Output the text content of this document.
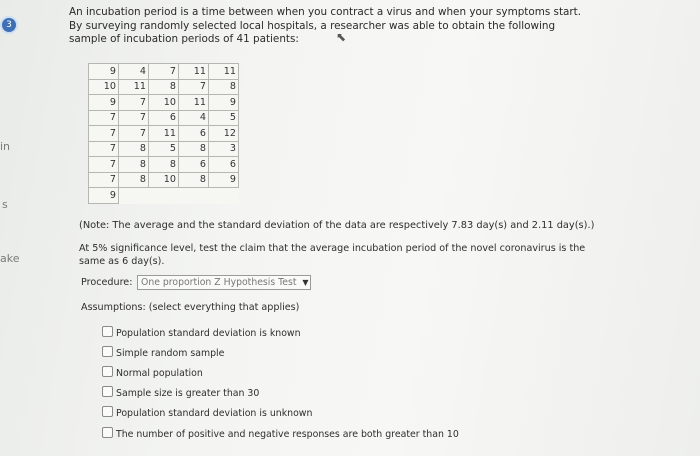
in
s
ake
3
An incubation period is a time between when you contract a virus and when your symptoms start. By surveying randomly selected local hospitals, a researcher was able to obtain the following sample of incubation periods of 41 patients:	⬉
9	4	7	11	11
10	11	8	7	8
9	7	10	11	9
7	7	6	4	5
7	7	11	6	12
7	8	5	8	3
7	8	8	6	6
7	8	10	8	9
9				
(Note: The average and the standard deviation of the data are respectively 7.83 day(s) and 2.11 day(s).)
At 5% significance level, test the claim that the average incubation period of the novel coronavirus is the same as 6 day(s).
Procedure: One proportion Z Hypothesis Test ▼
Assumptions: (select everything that applies)
Population standard deviation is known
Simple random sample
Normal population
Sample size is greater than 30
Population standard deviation is unknown
The number of positive and negative responses are both greater than 10
